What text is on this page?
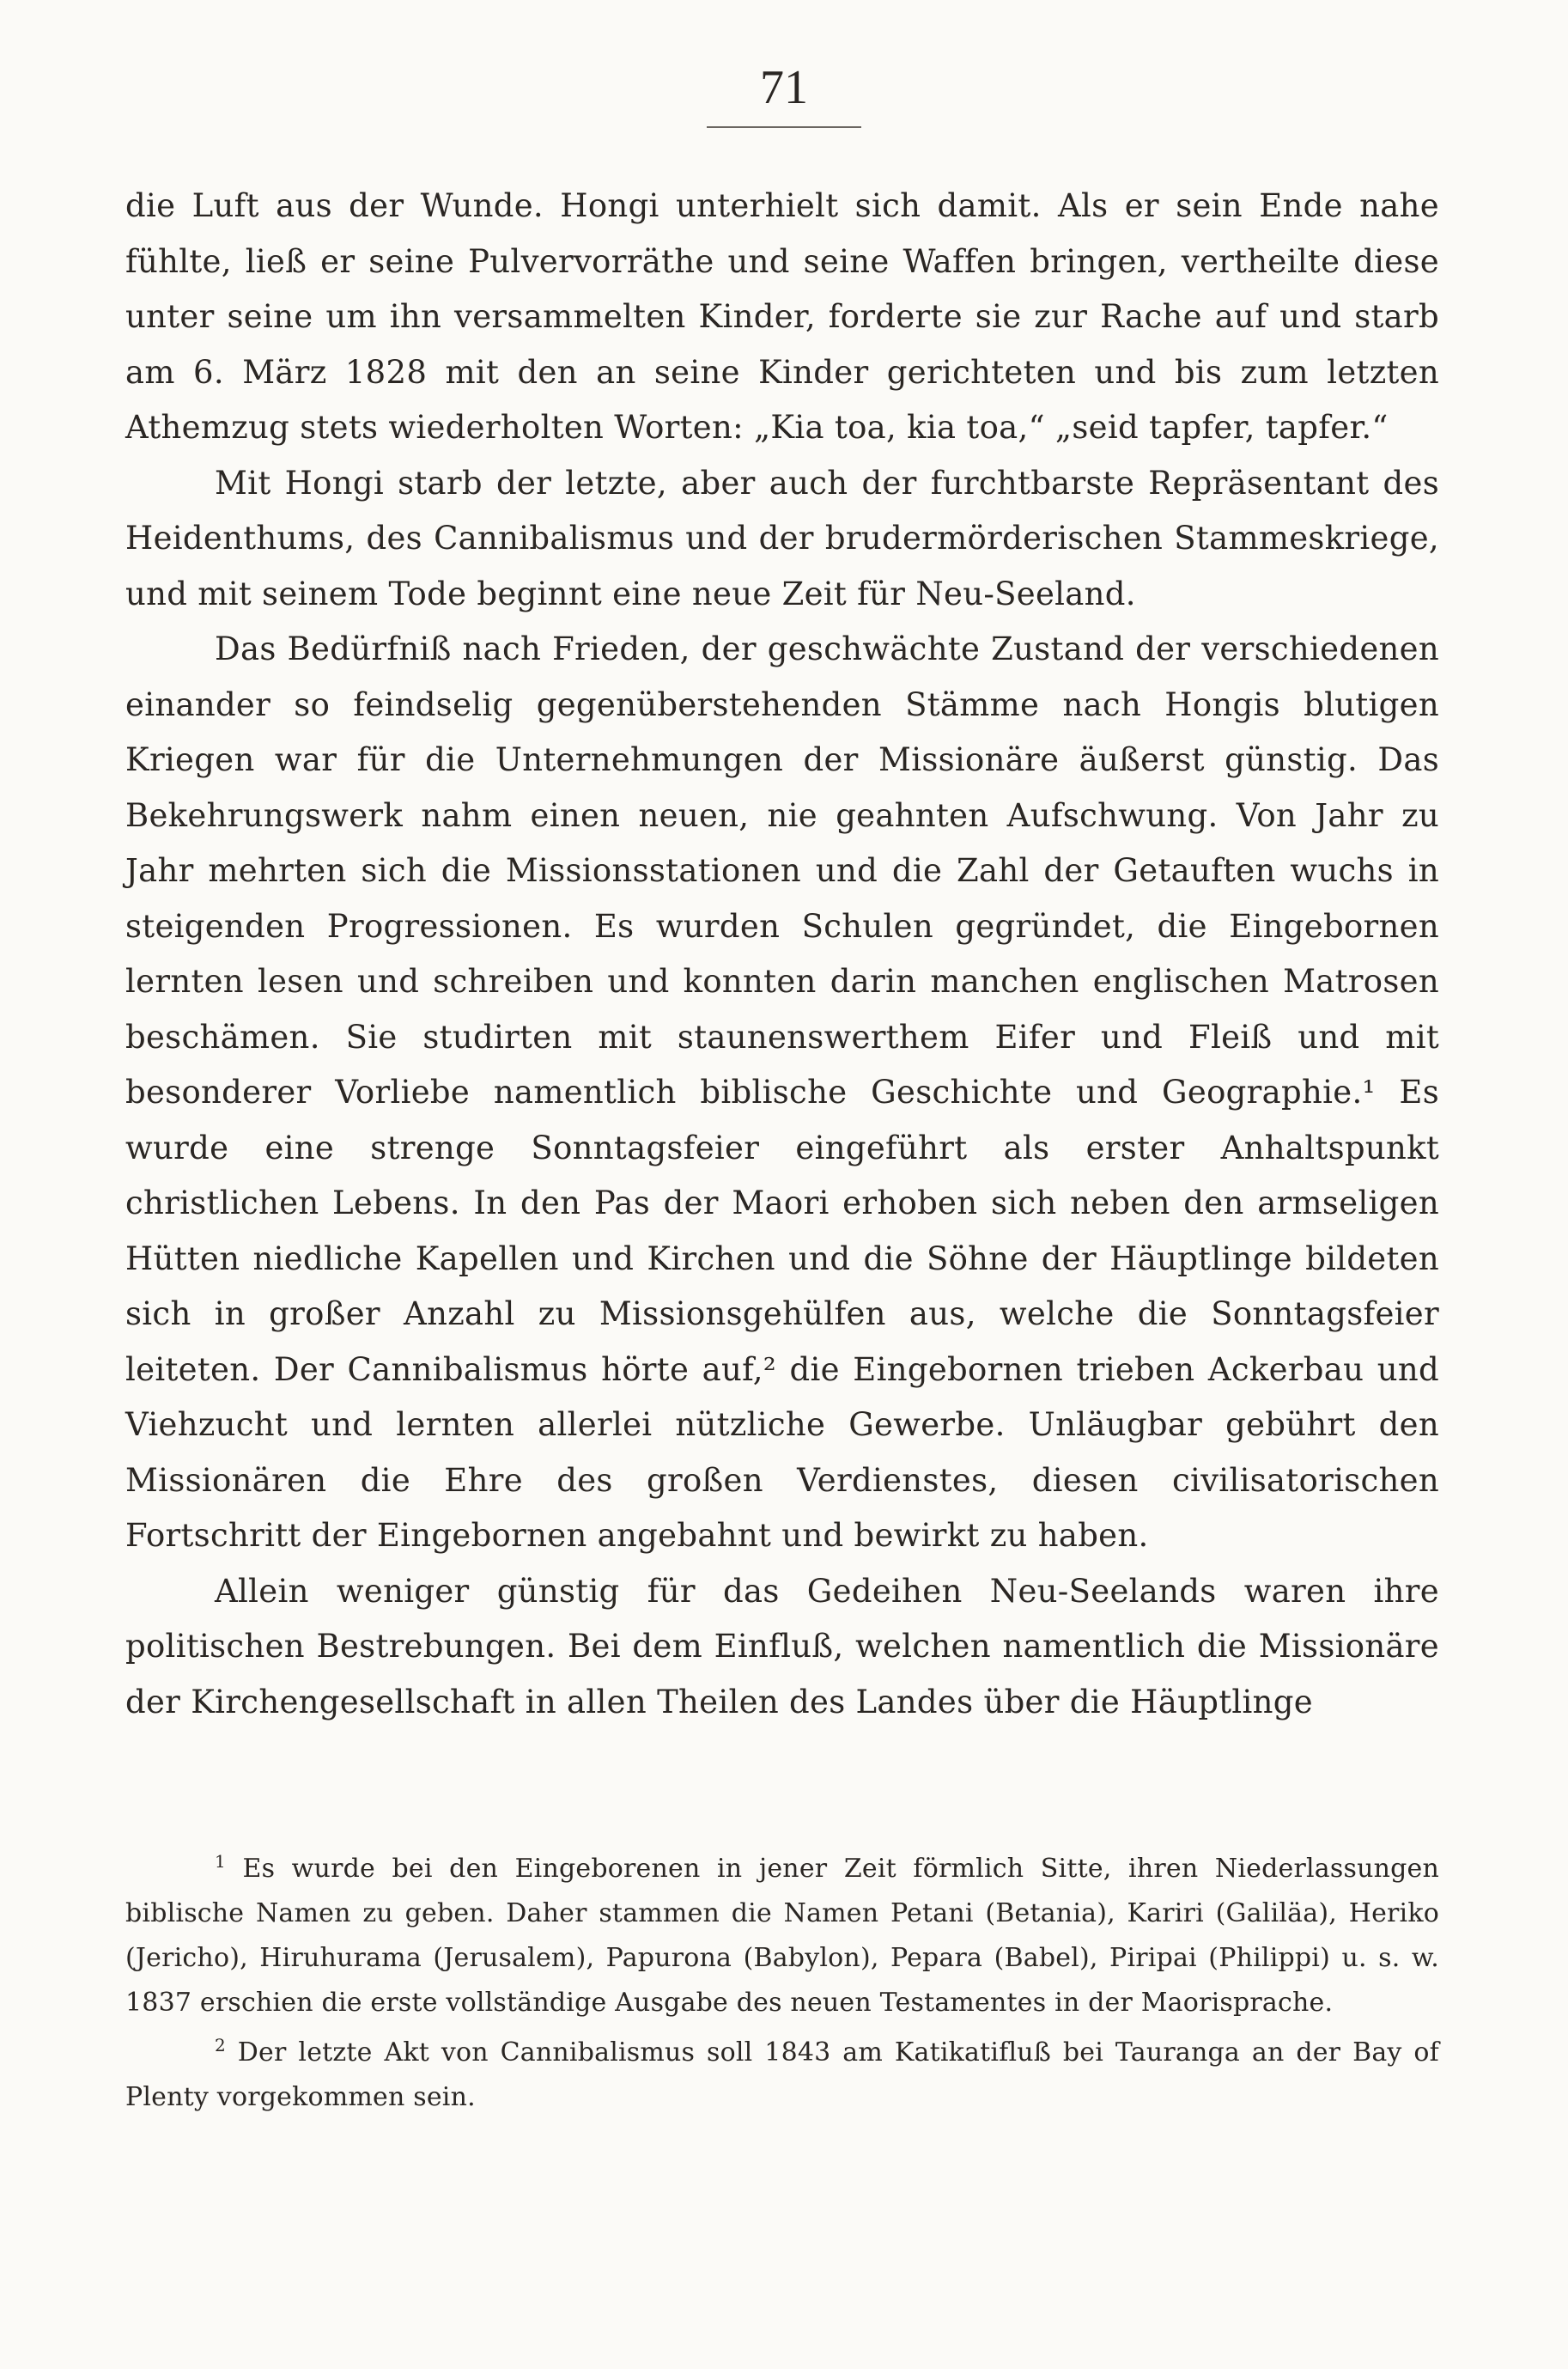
71

die Luft aus der Wunde. Hongi unterhielt sich damit. Als er sein Ende nahe fühlte, ließ er seine Pulvervorräthe und seine Waffen bringen, vertheilte diese unter seine um ihn versammelten Kinder, forderte sie zur Rache auf und starb am 6. März 1828 mit den an seine Kinder gerichteten und bis zum letzten Athemzug stets wiederholten Worten: „Kia toa, kia toa,“ „seid tapfer, tapfer.“

Mit Hongi starb der letzte, aber auch der furchtbarste Repräsentant des Heidenthums, des Cannibalismus und der brudermörderischen Stammeskriege, und mit seinem Tode beginnt eine neue Zeit für Neu-Seeland.

Das Bedürfniß nach Frieden, der geschwächte Zustand der verschiedenen einander so feindselig gegenüberstehenden Stämme nach Hongis blutigen Kriegen war für die Unternehmungen der Missionäre äußerst günstig. Das Bekehrungswerk nahm einen neuen, nie geahnten Aufschwung. Von Jahr zu Jahr mehrten sich die Missionsstationen und die Zahl der Getauften wuchs in steigenden Progressionen. Es wurden Schulen gegründet, die Eingebornen lernten lesen und schreiben und konnten darin manchen englischen Matrosen beschämen. Sie studirten mit staunenswerthem Eifer und Fleiß und mit besonderer Vorliebe namentlich biblische Geschichte und Geographie.¹ Es wurde eine strenge Sonntagsfeier eingeführt als erster Anhaltspunkt christlichen Lebens. In den Pas der Maori erhoben sich neben den armseligen Hütten niedliche Kapellen und Kirchen und die Söhne der Häuptlinge bildeten sich in großer Anzahl zu Missionsgehülfen aus, welche die Sonntagsfeier leiteten. Der Cannibalismus hörte auf,² die Eingebornen trieben Ackerbau und Viehzucht und lernten allerlei nützliche Gewerbe. Unläugbar gebührt den Missionären die Ehre des großen Verdienstes, diesen civilisatorischen Fortschritt der Eingebornen angebahnt und bewirkt zu haben.

Allein weniger günstig für das Gedeihen Neu-Seelands waren ihre politischen Bestrebungen. Bei dem Einfluß, welchen namentlich die Missionäre der Kirchengesellschaft in allen Theilen des Landes über die Häuptlinge

$^1$ Es wurde bei den Eingeborenen in jener Zeit förmlich Sitte, ihren Niederlassungen biblische Namen zu geben. Daher stammen die Namen Petani (Betania), Kariri (Galiläa), Heriko (Jericho), Hiruhurama (Jerusalem), Papurona (Babylon), Pepara (Babel), Piripai (Philippi) u. s. w. 1837 erschien die erste vollständige Ausgabe des neuen Testamentes in der Maorisprache.

$^2$ Der letzte Akt von Cannibalismus soll 1843 am Katikatifluß bei Tauranga an der Bay of Plenty vorgekommen sein.
